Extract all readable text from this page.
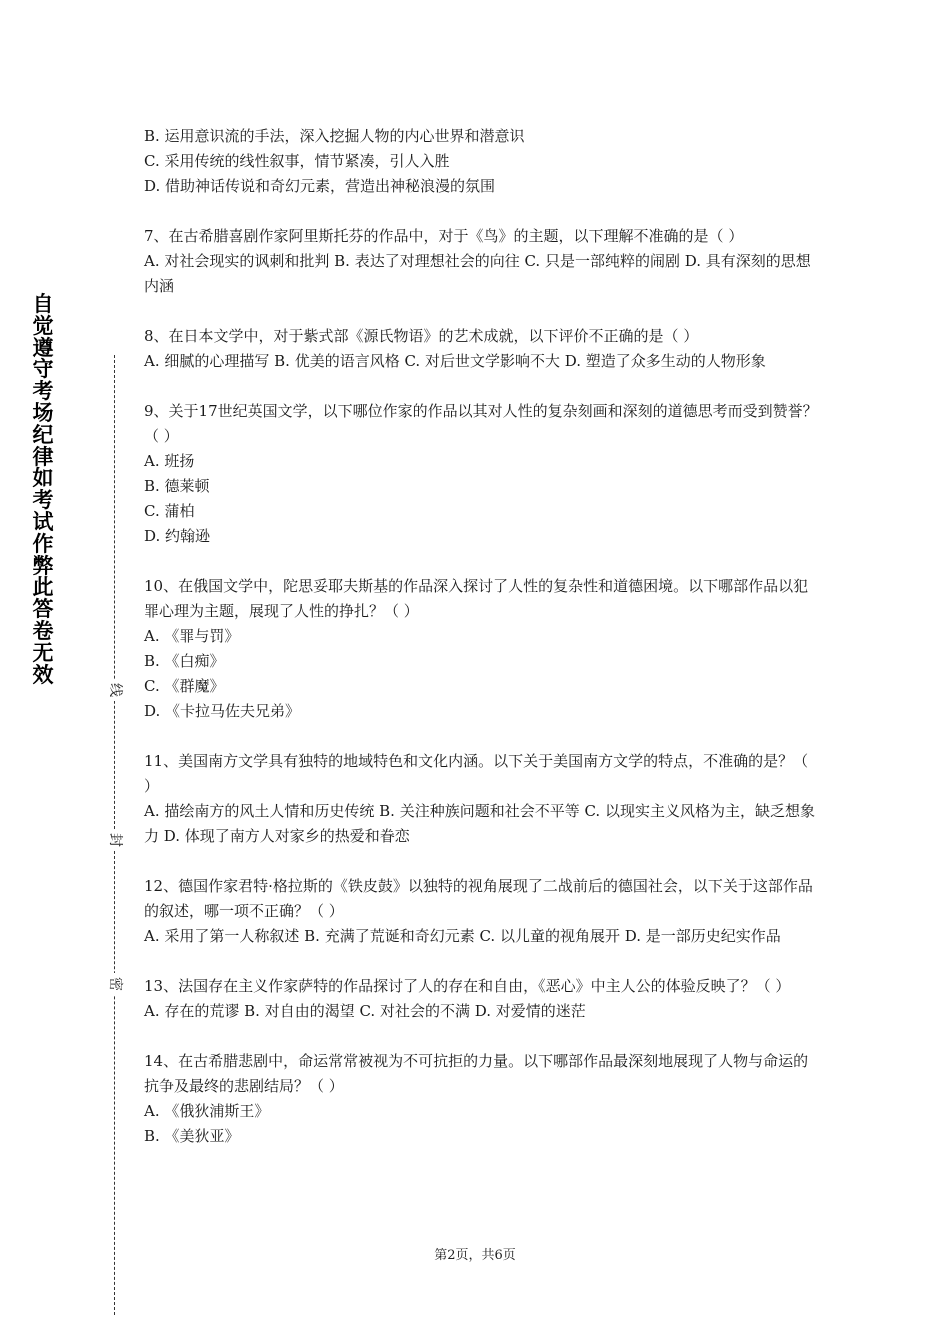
自觉遵守考场纪律如考试作弊此答卷无效
线
封
密

B. 运用意识流的手法，深入挖掘人物的内心世界和潜意识

C. 采用传统的线性叙事，情节紧凑，引人入胜

D. 借助神话传说和奇幻元素，营造出神秘浪漫的氛围

7、在古希腊喜剧作家阿里斯托芬的作品中，对于《鸟》的主题，以下理解不准确的是（ ）

A. 对社会现实的讽刺和批判 B. 表达了对理想社会的向往 C. 只是一部纯粹的闹剧 D. 具有深刻的思想内涵

8、在日本文学中，对于紫式部《源氏物语》的艺术成就，以下评价不正确的是（ ）

A. 细腻的心理描写 B. 优美的语言风格 C. 对后世文学影响不大 D. 塑造了众多生动的人物形象

9、关于17世纪英国文学，以下哪位作家的作品以其对人性的复杂刻画和深刻的道德思考而受到赞誉？（ ）

A. 班扬

B. 德莱顿

C. 蒲柏

D. 约翰逊

10、在俄国文学中，陀思妥耶夫斯基的作品深入探讨了人性的复杂性和道德困境。以下哪部作品以犯罪心理为主题，展现了人性的挣扎？（ ）

A. 《罪与罚》

B. 《白痴》

C. 《群魔》

D. 《卡拉马佐夫兄弟》

11、美国南方文学具有独特的地域特色和文化内涵。以下关于美国南方文学的特点，不准确的是？（ ）

A. 描绘南方的风土人情和历史传统 B. 关注种族问题和社会不平等 C. 以现实主义风格为主，缺乏想象力 D. 体现了南方人对家乡的热爱和眷恋

12、德国作家君特·格拉斯的《铁皮鼓》以独特的视角展现了二战前后的德国社会，以下关于这部作品的叙述，哪一项不正确？（ ）

A. 采用了第一人称叙述 B. 充满了荒诞和奇幻元素 C. 以儿童的视角展开 D. 是一部历史纪实作品

13、法国存在主义作家萨特的作品探讨了人的存在和自由，《恶心》中主人公的体验反映了？（ ）

A. 存在的荒谬 B. 对自由的渴望 C. 对社会的不满 D. 对爱情的迷茫

14、在古希腊悲剧中，命运常常被视为不可抗拒的力量。以下哪部作品最深刻地展现了人物与命运的抗争及最终的悲剧结局？（ ）

A. 《俄狄浦斯王》

B. 《美狄亚》

第2页，共6页
